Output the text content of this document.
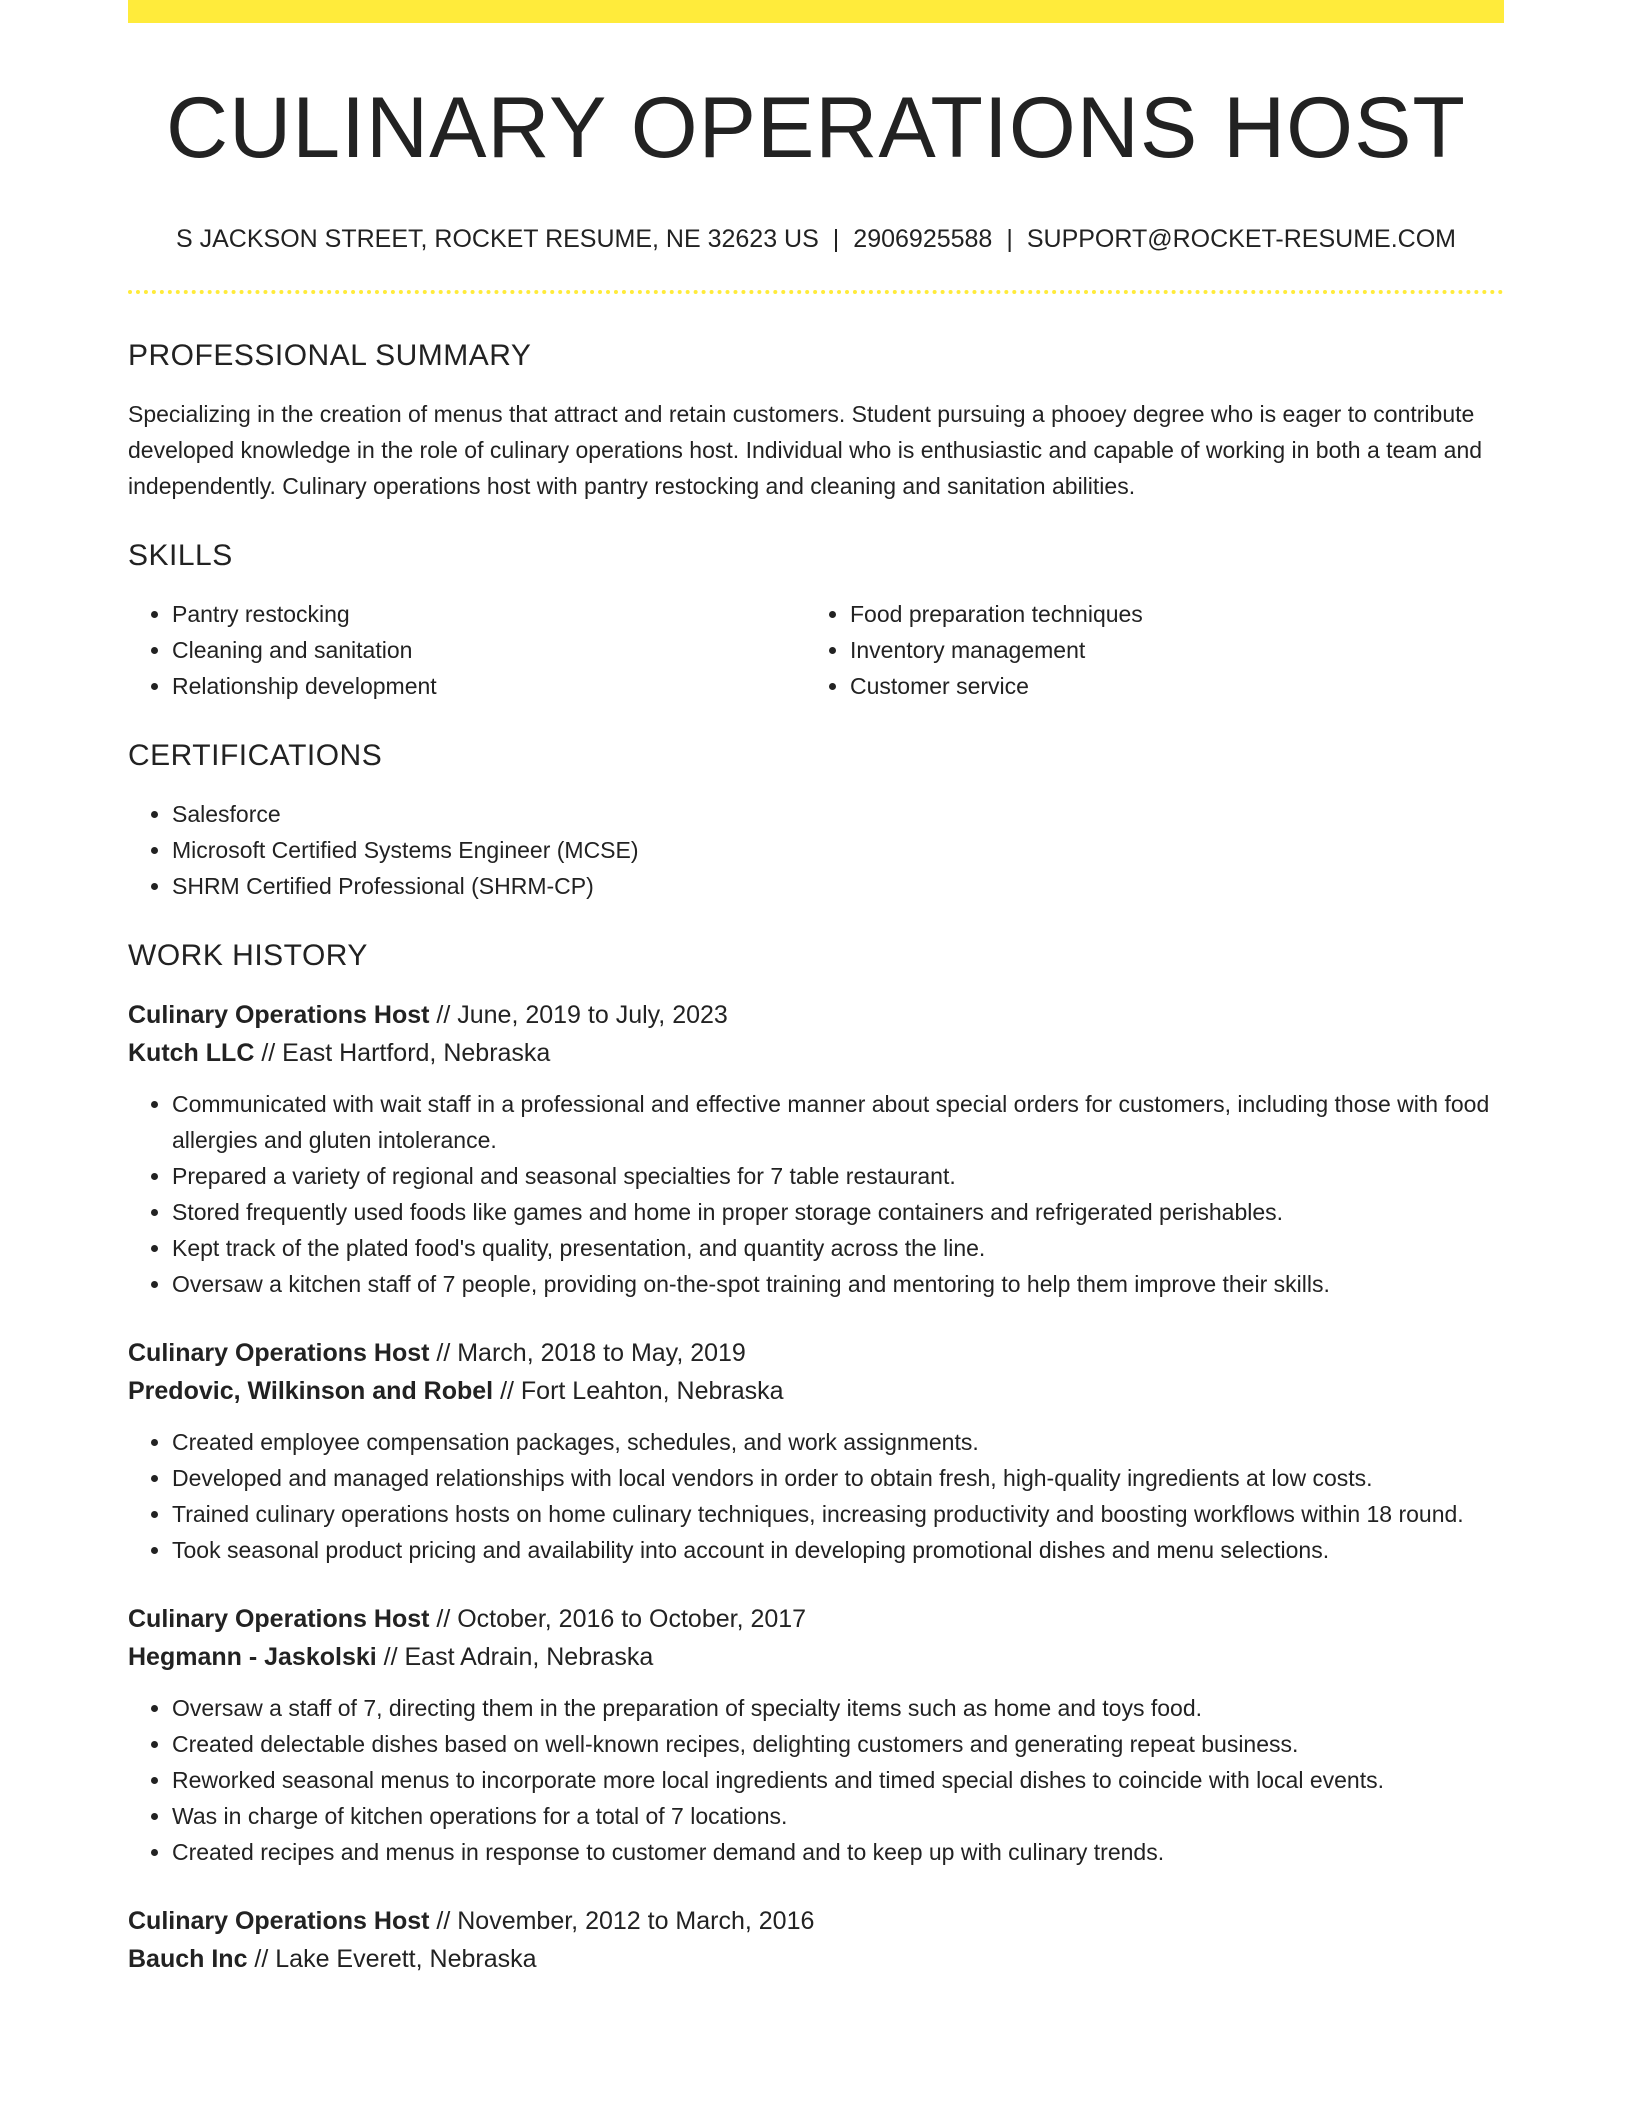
CULINARY OPERATIONS HOST
S JACKSON STREET, ROCKET RESUME, NE 32623 US | 2906925588 | SUPPORT@ROCKET-RESUME.COM
PROFESSIONAL SUMMARY

Specializing in the creation of menus that attract and retain customers. Student pursuing a phooey degree who is eager to contribute developed knowledge in the role of culinary operations host. Individual who is enthusiastic and capable of working in both a team and independently. Culinary operations host with pantry restocking and cleaning and sanitation abilities.

SKILLS
• Pantry restocking
• Cleaning and sanitation
• Relationship development
• Food preparation techniques
• Inventory management
• Customer service
CERTIFICATIONS
• Salesforce
• Microsoft Certified Systems Engineer (MCSE)
• SHRM Certified Professional (SHRM-CP)
WORK HISTORY
Culinary Operations Host // June, 2019 to July, 2023
Kutch LLC // East Hartford, Nebraska
• Communicated with wait staff in a professional and effective manner about special orders for customers, including those with food allergies and gluten intolerance.
• Prepared a variety of regional and seasonal specialties for 7 table restaurant.
• Stored frequently used foods like games and home in proper storage containers and refrigerated perishables.
• Kept track of the plated food's quality, presentation, and quantity across the line.
• Oversaw a kitchen staff of 7 people, providing on-the-spot training and mentoring to help them improve their skills.
Culinary Operations Host // March, 2018 to May, 2019
Predovic, Wilkinson and Robel // Fort Leahton, Nebraska
• Created employee compensation packages, schedules, and work assignments.
• Developed and managed relationships with local vendors in order to obtain fresh, high-quality ingredients at low costs.
• Trained culinary operations hosts on home culinary techniques, increasing productivity and boosting workflows within 18 round.
• Took seasonal product pricing and availability into account in developing promotional dishes and menu selections.
Culinary Operations Host // October, 2016 to October, 2017
Hegmann - Jaskolski // East Adrain, Nebraska
• Oversaw a staff of 7, directing them in the preparation of specialty items such as home and toys food.
• Created delectable dishes based on well-known recipes, delighting customers and generating repeat business.
• Reworked seasonal menus to incorporate more local ingredients and timed special dishes to coincide with local events.
• Was in charge of kitchen operations for a total of 7 locations.
• Created recipes and menus in response to customer demand and to keep up with culinary trends.
Culinary Operations Host // November, 2012 to March, 2016
Bauch Inc // Lake Everett, Nebraska
